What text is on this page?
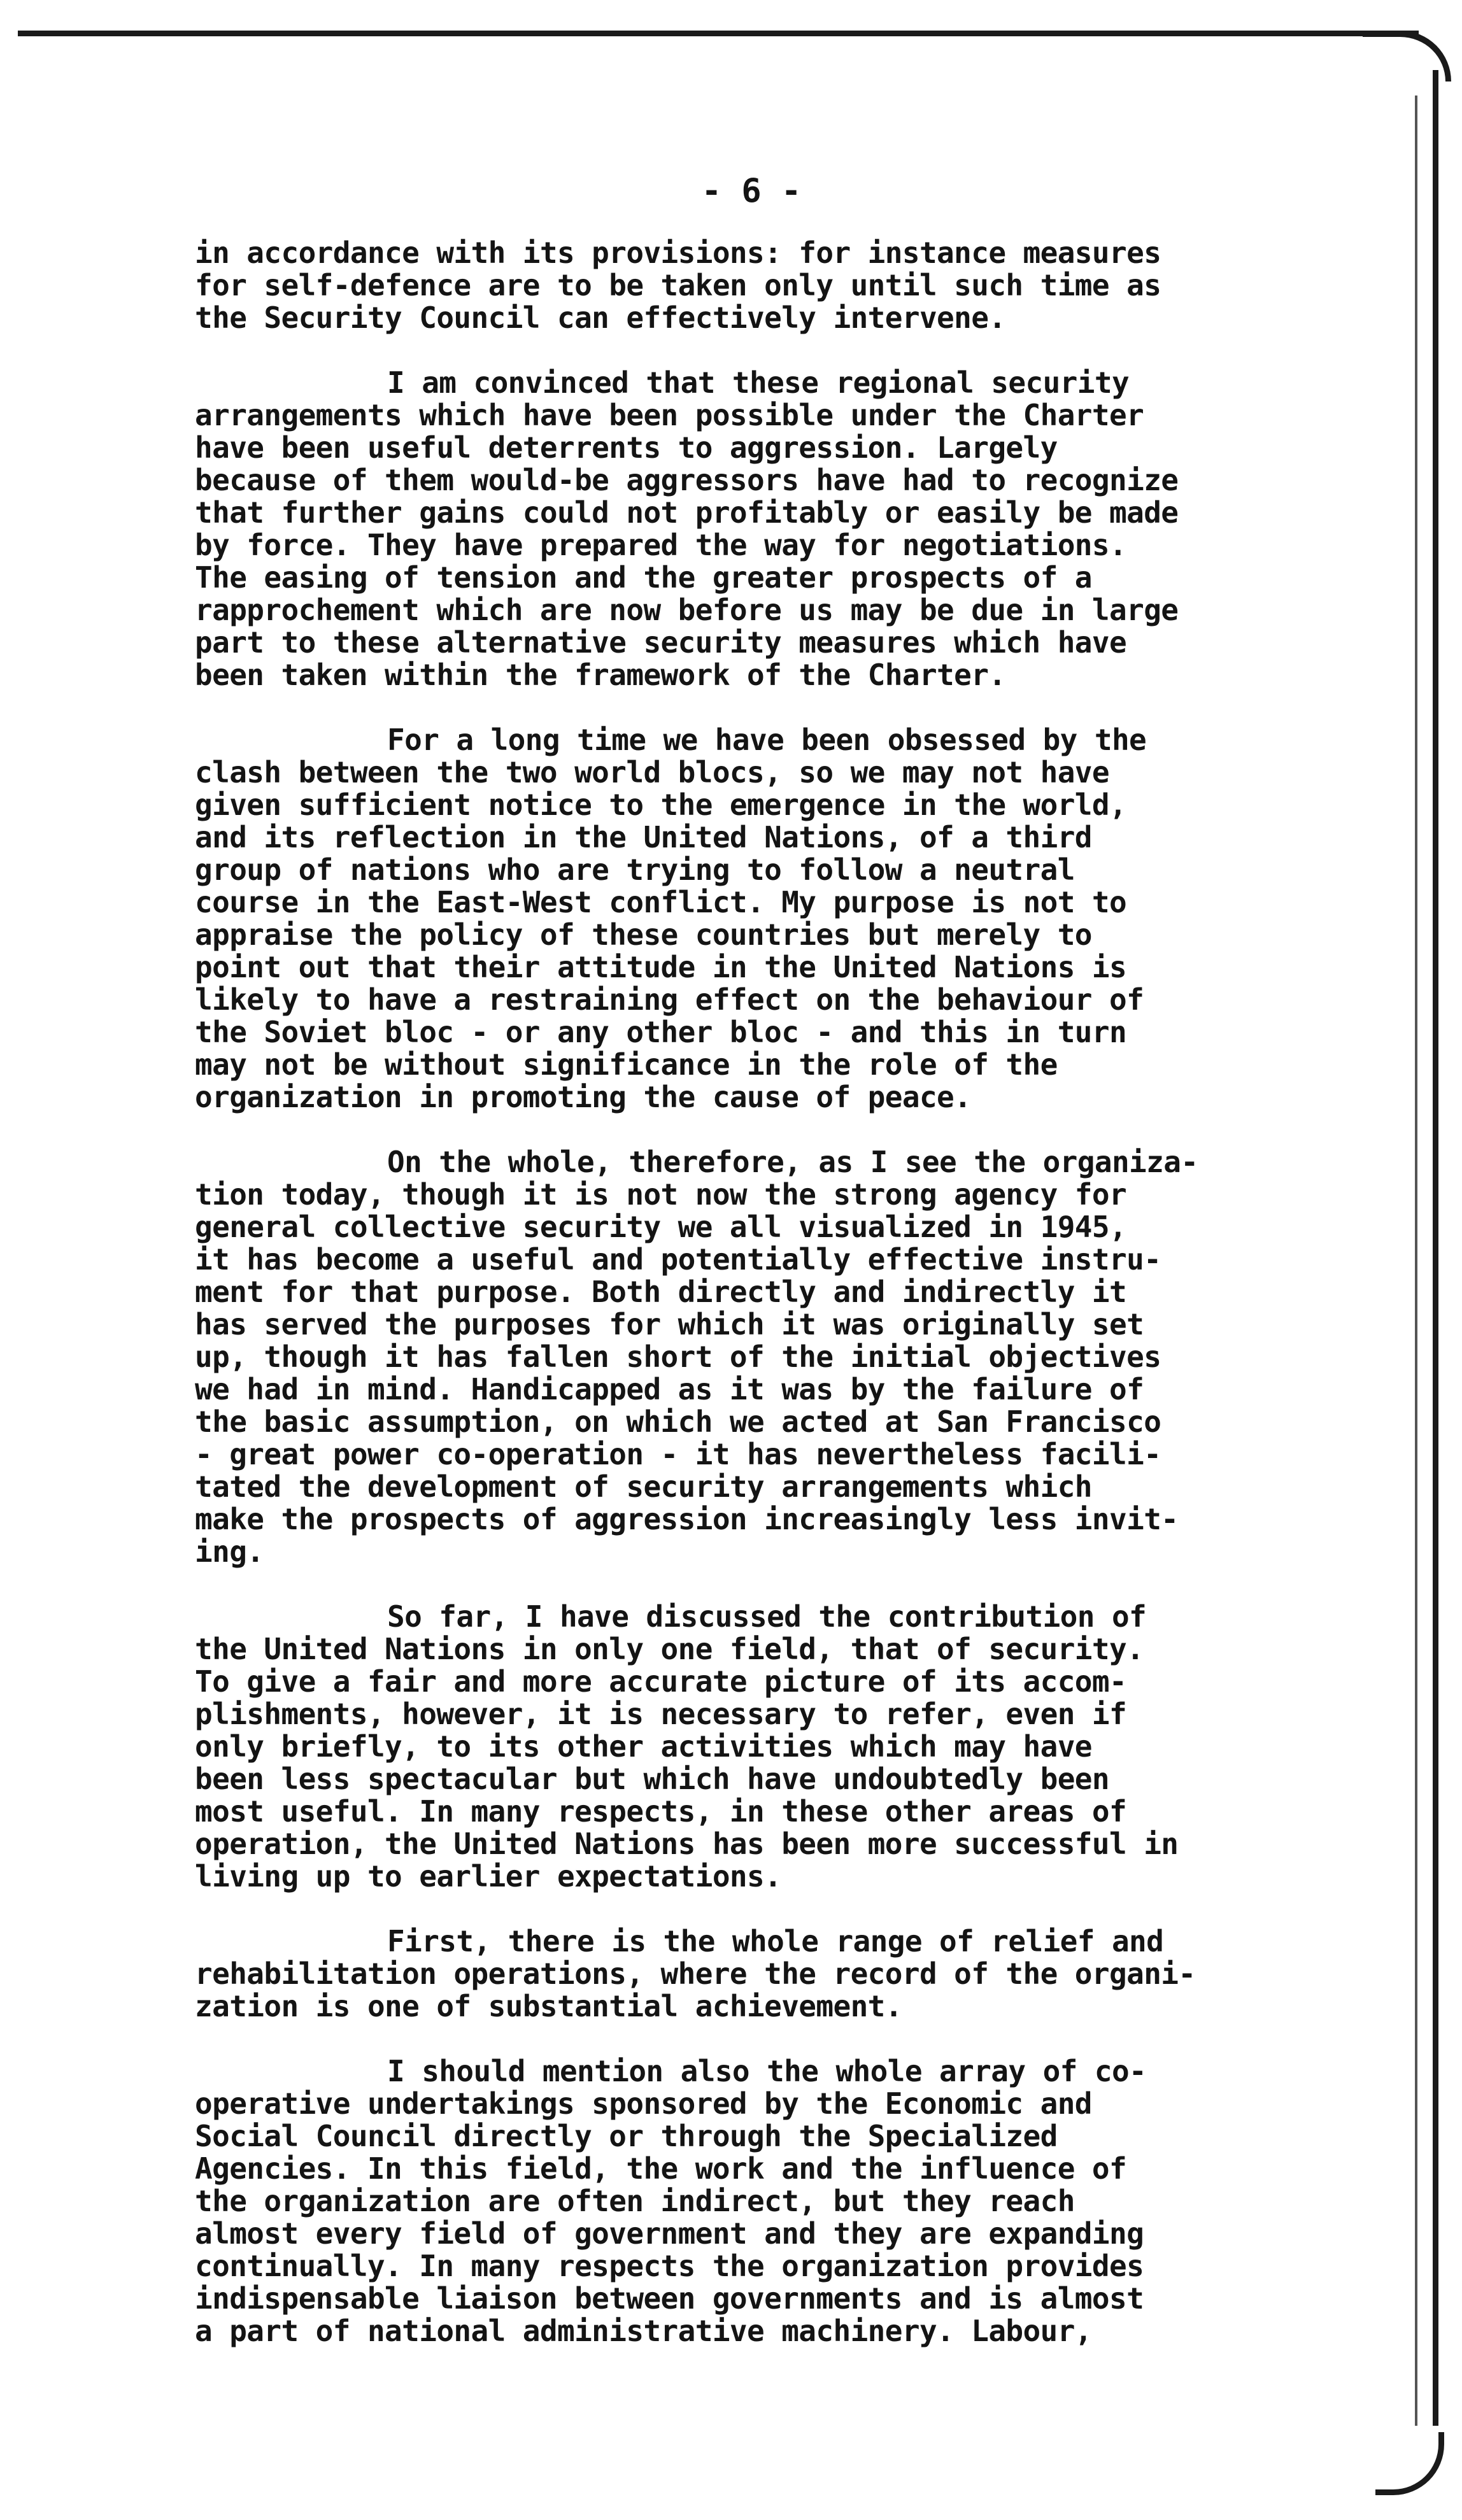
- 6 -
in accordance with its provisions: for instance measures
for self-defence are to be taken only until such time as
the Security Council can effectively intervene.
I am convinced that these regional security
arrangements which have been possible under the Charter
have been useful deterrents to aggression. Largely
because of them would-be aggressors have had to recognize
that further gains could not profitably or easily be made
by force. They have prepared the way for negotiations.
The easing of tension and the greater prospects of a
rapprochement which are now before us may be due in large
part to these alternative security measures which have
been taken within the framework of the Charter.
For a long time we have been obsessed by the
clash between the two world blocs, so we may not have
given sufficient notice to the emergence in the world,
and its reflection in the United Nations, of a third
group of nations who are trying to follow a neutral
course in the East-West conflict. My purpose is not to
appraise the policy of these countries but merely to
point out that their attitude in the United Nations is
likely to have a restraining effect on the behaviour of
the Soviet bloc - or any other bloc - and this in turn
may not be without significance in the role of the
organization in promoting the cause of peace.
On the whole, therefore, as I see the organiza-
tion today, though it is not now the strong agency for
general collective security we all visualized in 1945,
it has become a useful and potentially effective instru-
ment for that purpose. Both directly and indirectly it
has served the purposes for which it was originally set
up, though it has fallen short of the initial objectives
we had in mind. Handicapped as it was by the failure of
the basic assumption, on which we acted at San Francisco
- great power co-operation - it has nevertheless facili-
tated the development of security arrangements which
make the prospects of aggression increasingly less invit-
ing.
So far, I have discussed the contribution of
the United Nations in only one field, that of security.
To give a fair and more accurate picture of its accom-
plishments, however, it is necessary to refer, even if
only briefly, to its other activities which may have
been less spectacular but which have undoubtedly been
most useful. In many respects, in these other areas of
operation, the United Nations has been more successful in
living up to earlier expectations.
First, there is the whole range of relief and
rehabilitation operations, where the record of the organi-
zation is one of substantial achievement.
I should mention also the whole array of co-
operative undertakings sponsored by the Economic and
Social Council directly or through the Specialized
Agencies. In this field, the work and the influence of
the organization are often indirect, but they reach
almost every field of government and they are expanding
continually. In many respects the organization provides
indispensable liaison between governments and is almost
a part of national administrative machinery. Labour,
